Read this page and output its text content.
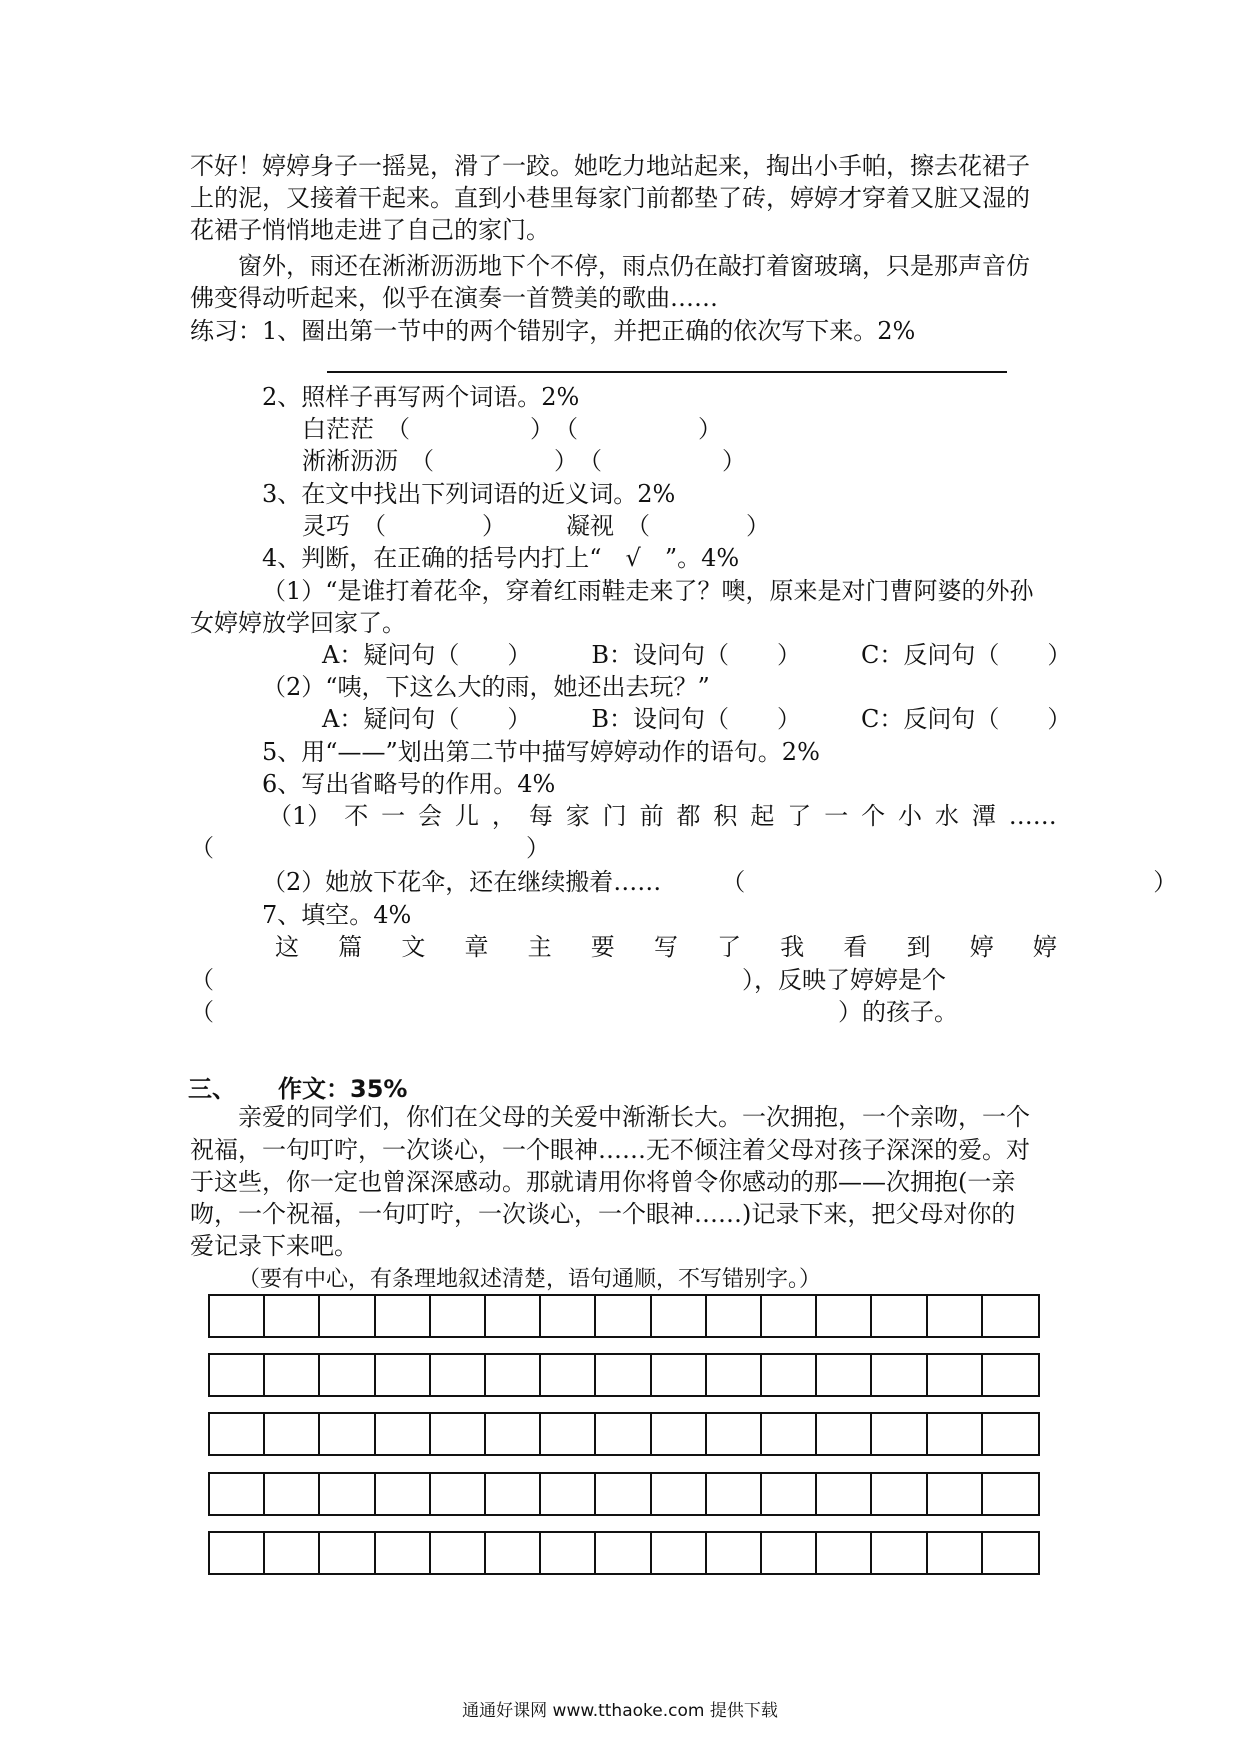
不好！婷婷身子一摇晃，滑了一跤。她吃力地站起来，掏出小手帕，擦去花裙子
上的泥，又接着干起来。直到小巷里每家门前都垫了砖，婷婷才穿着又脏又湿的
花裙子悄悄地走进了自己的家门。
窗外，雨还在淅淅沥沥地下个不停，雨点仍在敲打着窗玻璃，只是那声音仿
佛变得动听起来，似乎在演奏一首赞美的歌曲……
练习：1、圈出第一节中的两个错别字，并把正确的依次写下来。2%
2、照样子再写两个词语。2%
白茫茫　（　　　　　）　（　　　　　）
淅淅沥沥　（　　　　　）　（　　　　　）
3、在文中找出下列词语的近义词。2%
灵巧　（　　　　）　　　凝视　（　　　　）
4、判断，在正确的括号内打上“　√　”。4%
（1）“是谁打着花伞，穿着红雨鞋走来了？噢，原来是对门曹阿婆的外孙
女婷婷放学回家了。
A：疑问句（　　）　　　B：设问句（　　）　　　C：反问句（　　）
（2）“咦，下这么大的雨，她还出去玩？”
A：疑问句（　　）　　　B：设问句（　　）　　　C：反问句（　　）
5、用“——”划出第二节中描写婷婷动作的语句。2%
6、写出省略号的作用。4%
（1） 不 一 会 儿 ， 每 家 门 前 都 积 起 了 一 个 小 水 潭 ……
（　　　　　　　　　　　　　）
（2）她放下花伞，还在继续搬着……　　　（　　　　　　　　　　　　　　　　　）
7、填空。4%
这 篇 文 章 主 要 写 了 我 看 到 婷 婷
（　　　　　　　　　　　　　　　　　　　　　　），反映了婷婷是个
（　　　　　　　　　　　　　　　　　　　　　　　　　　）的孩子。
三、 作文：35%
亲爱的同学们，你们在父母的关爱中渐渐长大。一次拥抱，一个亲吻，一个
祝福，一句叮咛，一次谈心，一个眼神……无不倾注着父母对孩子深深的爱。对
于这些，你一定也曾深深感动。那就请用你将曾令你感动的那——次拥抱(一亲
吻，一个祝福，一句叮咛，一次谈心，一个眼神……)记录下来，把父母对你的
爱记录下来吧。
（要有中心，有条理地叙述清楚，语句通顺，不写错别字。）
通通好课网 www.tthaoke.com 提供下载
